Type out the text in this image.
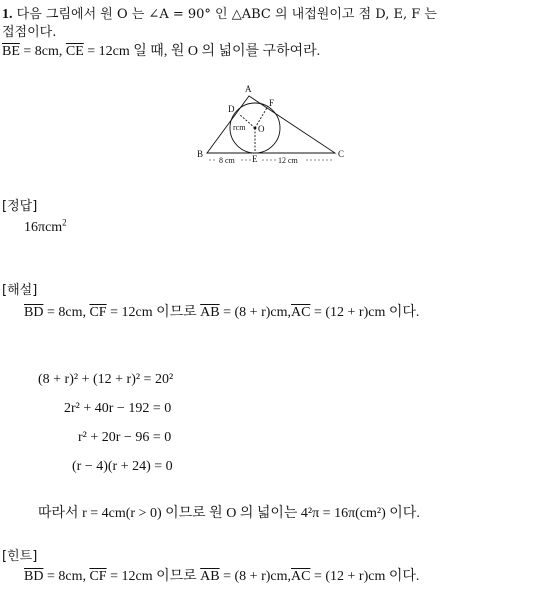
1. 다음 그림에서 원 O 는 ∠A = 90° 인 △ABC 의 내접원이고 점 D, E, F 는
접점이다.
$\overline{BE} = 8cm$, $\overline{CE} = 12cm$ 일 때, 원 O 의 넓이를 구하여라.
A
D
F
O
rcm
B	C
E
8 cm	12 cm
[정답]
16πcm$^2$
[해설]
$\overline{BD} = 8cm$, $\overline{CF} = 12cm$ 이므로 $\overline{AB} = (8 + r)cm,\overline{AC} = (12 + r)cm$ 이다.
(8 + r)² + (12 + r)² = 20²
2r² + 40r − 192 = 0
r² + 20r − 96 = 0
(r − 4)(r + 24) = 0
따라서 r = 4cm(r > 0) 이므로 원 O 의 넓이는 4²π = 16π(cm²) 이다.
[힌트]
$\overline{BD} = 8cm$, $\overline{CF} = 12cm$ 이므로 $\overline{AB} = (8 + r)cm,\overline{AC} = (12 + r)cm$ 이다.
